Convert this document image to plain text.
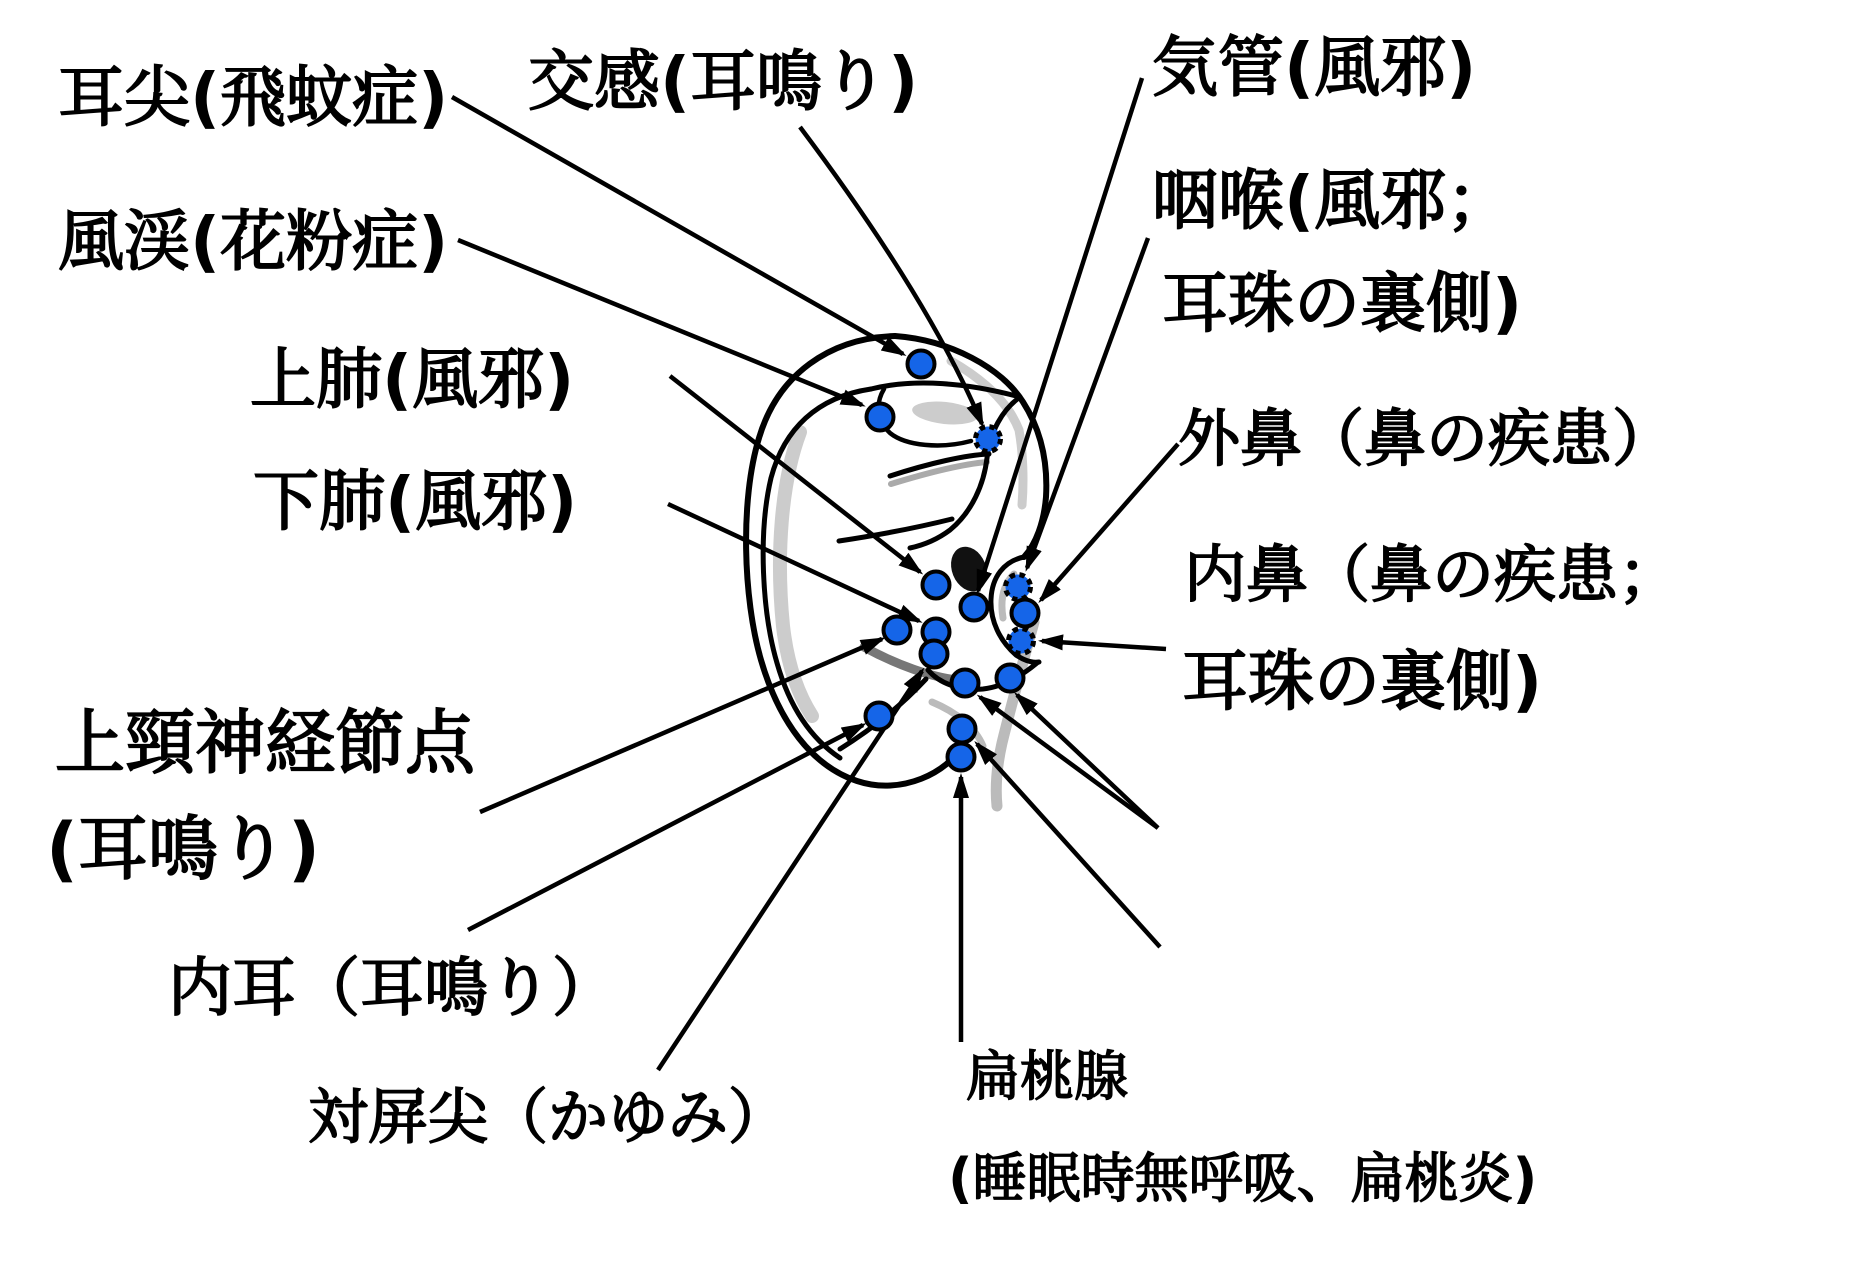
耳尖(飛蚊症)
風渓(花粉症)
上肺(風邪)
下肺(風邪)
交感(耳鳴り)	気管(風邪)
咽喉(風邪；
耳珠の裏側)
外鼻（鼻の疾患）
内鼻（鼻の疾患；
耳珠の裏側)
上頸神経節点
(耳鳴り)
内耳（耳鳴り）
対屏尖（かゆみ）
扁桃腺
(睡眠時無呼吸、扁桃炎)
